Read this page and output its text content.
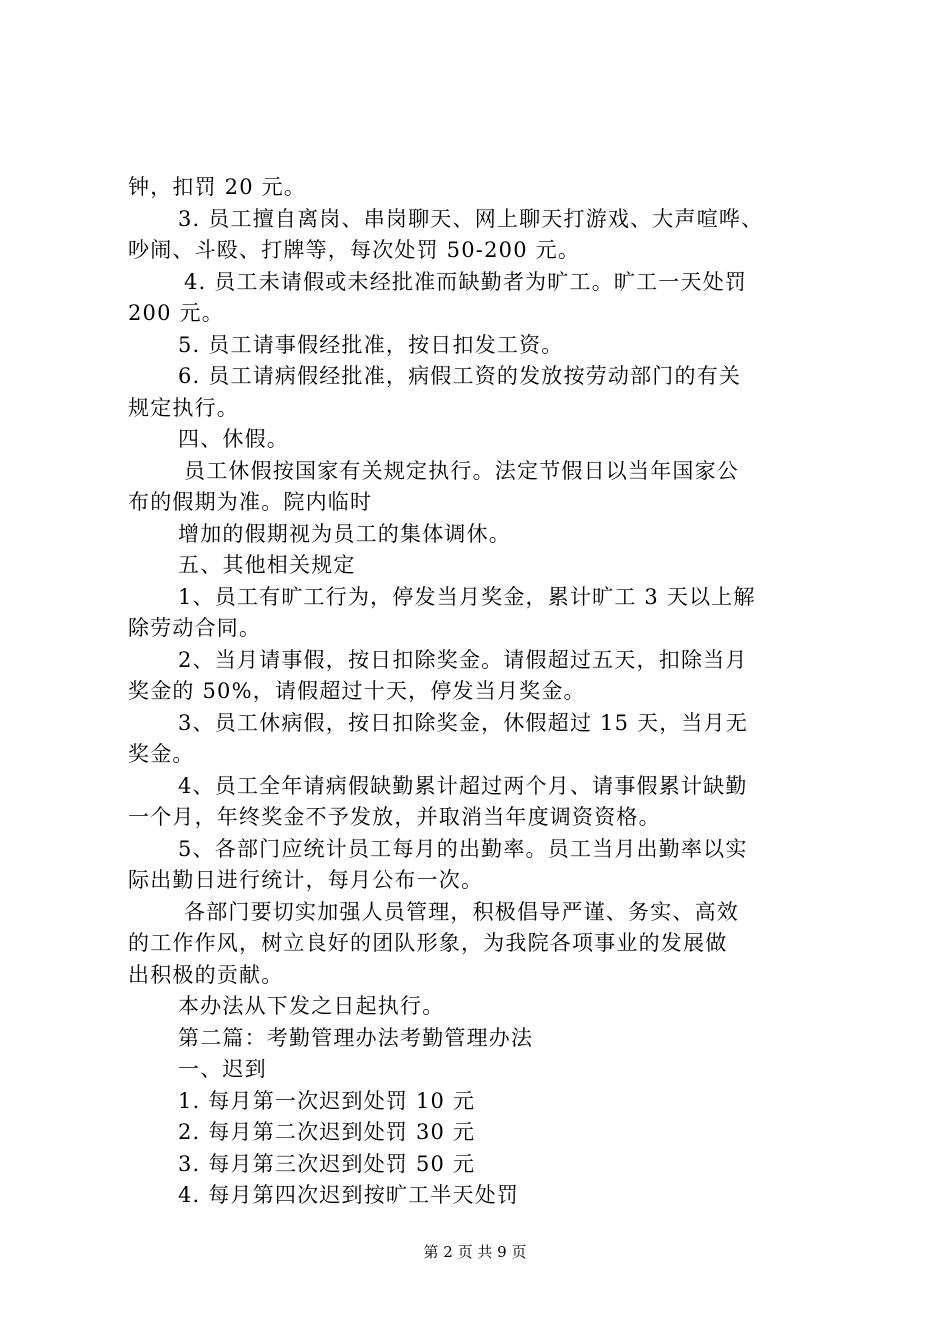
钟，扣罚 20 元。
3. 员工擅自离岗、串岗聊天、网上聊天打游戏、大声喧哗、
吵闹、斗殴、打牌等，每次处罚 50-200 元。
4. 员工未请假或未经批准而缺勤者为旷工。旷工一天处罚
200 元。
5. 员工请事假经批准，按日扣发工资。
6. 员工请病假经批准，病假工资的发放按劳动部门的有关
规定执行。
四、休假。
员工休假按国家有关规定执行。法定节假日以当年国家公
布的假期为准。院内临时
增加的假期视为员工的集体调休。
五、其他相关规定
1、员工有旷工行为，停发当月奖金，累计旷工 3 天以上解
除劳动合同。
2、当月请事假，按日扣除奖金。请假超过五天，扣除当月
奖金的 50%，请假超过十天，停发当月奖金。
3、员工休病假，按日扣除奖金，休假超过 15 天，当月无
奖金。
4、员工全年请病假缺勤累计超过两个月、请事假累计缺勤
一个月，年终奖金不予发放，并取消当年度调资资格。
5、各部门应统计员工每月的出勤率。员工当月出勤率以实
际出勤日进行统计，每月公布一次。
各部门要切实加强人员管理，积极倡导严谨、务实、高效
的工作作风，树立良好的团队形象，为我院各项事业的发展做
出积极的贡献。
本办法从下发之日起执行。
第二篇：考勤管理办法考勤管理办法
一、迟到
1. 每月第一次迟到处罚 10 元
2. 每月第二次迟到处罚 30 元
3. 每月第三次迟到处罚 50 元
4. 每月第四次迟到按旷工半天处罚
第 2 页 共 9 页
